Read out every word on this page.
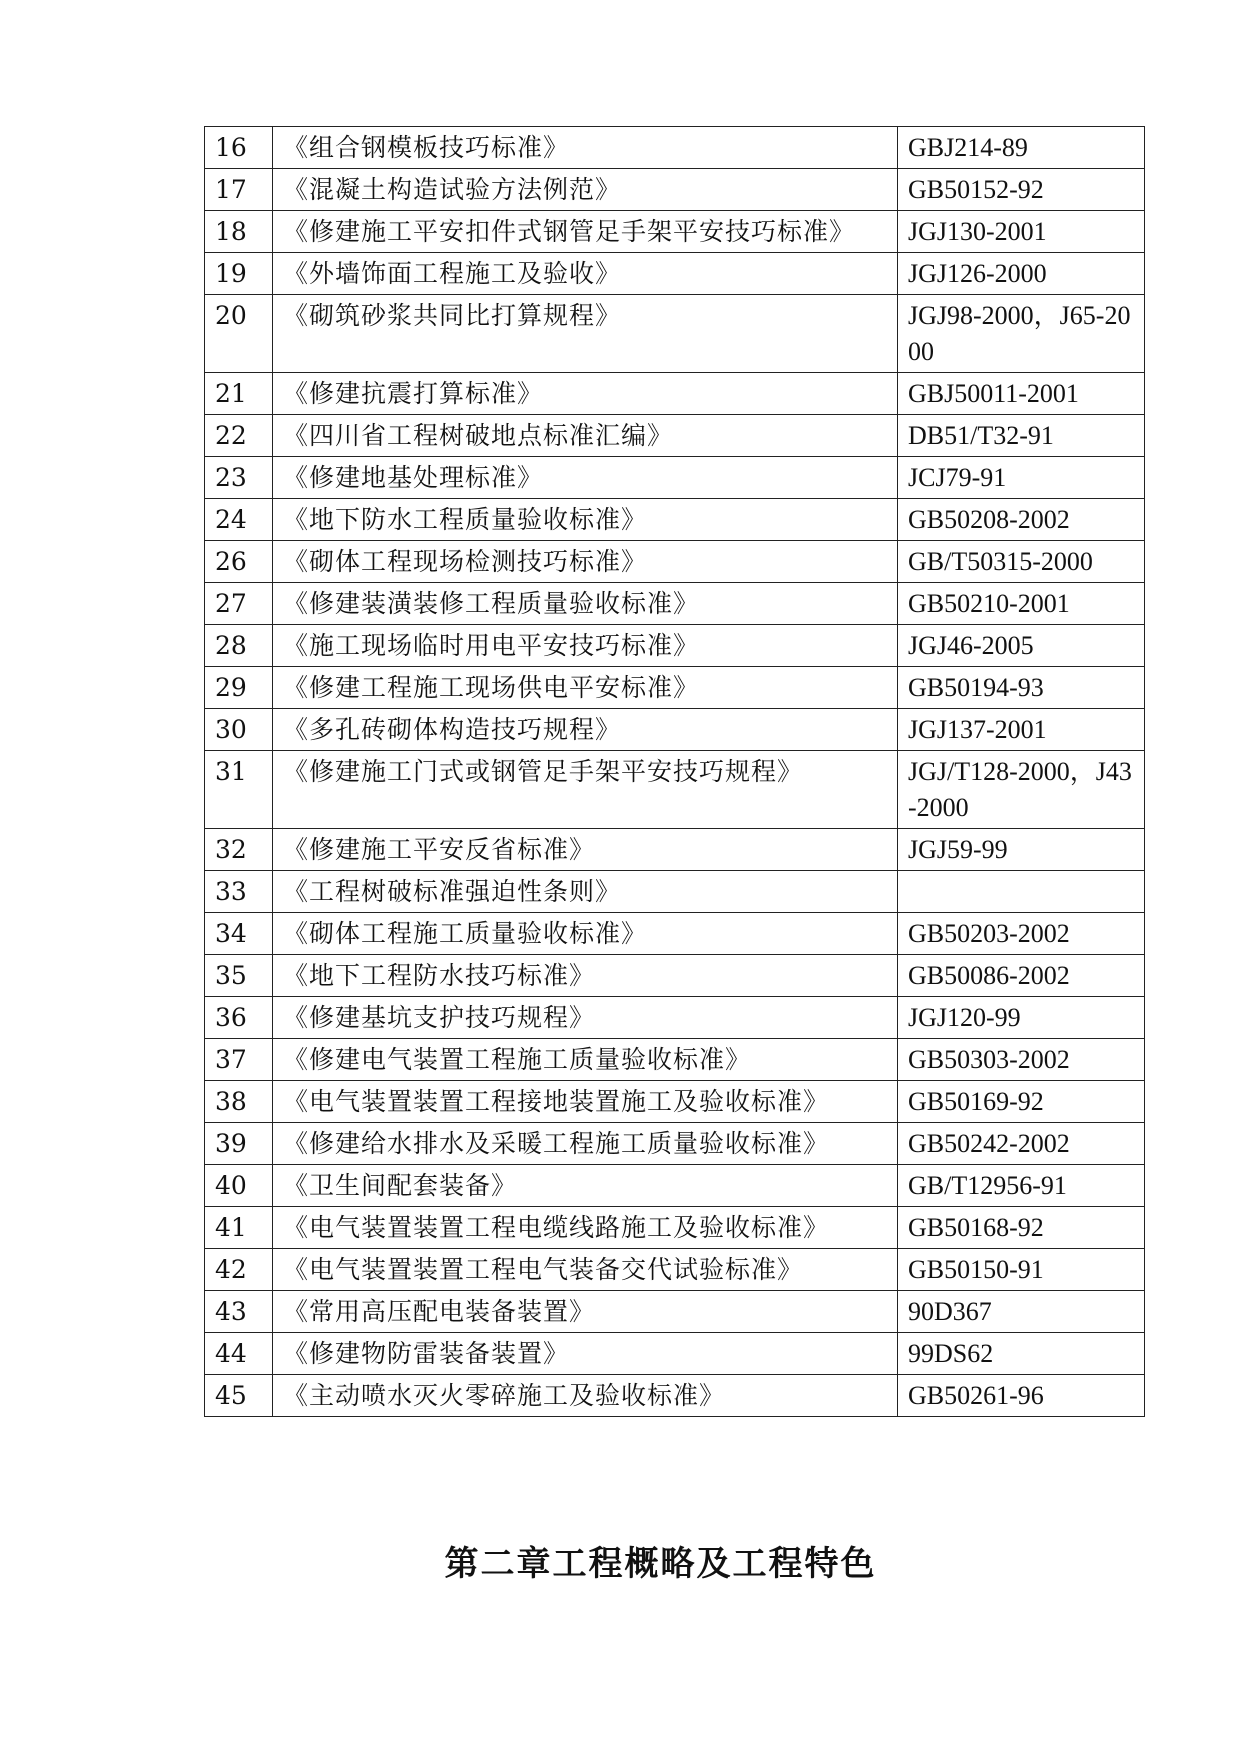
16	《组合钢模板技巧标准》	GBJ214-89
17	《混凝土构造试验方法例范》	GB50152-92
18	《修建施工平安扣件式钢管足手架平安技巧标准》	JGJ130-2001
19	《外墙饰面工程施工及验收》	JGJ126-2000
20	《砌筑砂浆共同比打算规程》	JGJ98-2000，J65-2000
21	《修建抗震打算标准》	GBJ50011-2001
22	《四川省工程树破地点标准汇编》	DB51/T32-91
23	《修建地基处理标准》	JCJ79-91
24	《地下防水工程质量验收标准》	GB50208-2002
26	《砌体工程现场检测技巧标准》	GB/T50315-2000
27	《修建装潢装修工程质量验收标准》	GB50210-2001
28	《施工现场临时用电平安技巧标准》	JGJ46-2005
29	《修建工程施工现场供电平安标准》	GB50194-93
30	《多孔砖砌体构造技巧规程》	JGJ137-2001
31	《修建施工门式或钢管足手架平安技巧规程》	JGJ/T128-2000，J43-2000
32	《修建施工平安反省标准》	JGJ59-99
33	《工程树破标准强迫性条则》	
34	《砌体工程施工质量验收标准》	GB50203-2002
35	《地下工程防水技巧标准》	GB50086-2002
36	《修建基坑支护技巧规程》	JGJ120-99
37	《修建电气装置工程施工质量验收标准》	GB50303-2002
38	《电气装置装置工程接地装置施工及验收标准》	GB50169-92
39	《修建给水排水及采暖工程施工质量验收标准》	GB50242-2002
40	《卫生间配套装备》	GB/T12956-91
41	《电气装置装置工程电缆线路施工及验收标准》	GB50168-92
42	《电气装置装置工程电气装备交代试验标准》	GB50150-91
43	《常用高压配电装备装置》	90D367
44	《修建物防雷装备装置》	99DS62
45	《主动喷水灭火零碎施工及验收标准》	GB50261-96
第二章工程概略及工程特色
